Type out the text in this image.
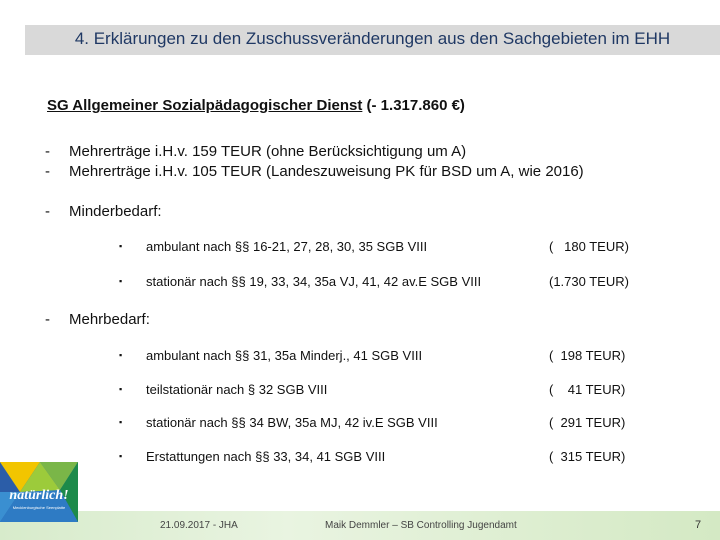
4. Erklärungen zu den Zuschussveränderungen aus den Sachgebieten im EHH
SG Allgemeiner Sozialpädagogischer Dienst (- 1.317.860 €)
- Mehrerträge i.H.v. 159 TEUR (ohne Berücksichtigung um A)
- Mehrerträge i.H.v. 105 TEUR (Landeszuweisung PK für BSD um A, wie 2016)
- Minderbedarf:
▪ ambulant nach §§ 16-21, 27, 28, 30, 35 SGB VIII	(   180 TEUR)
▪ stationär nach §§ 19, 33, 34, 35a VJ, 41, 42 av.E SGB VIII	(1.730 TEUR)
- Mehrbedarf:
▪ ambulant nach §§ 31, 35a Minderj., 41 SGB VIII	(  198 TEUR)
▪ teilstationär nach § 32 SGB VIII	(    41 TEUR)
▪ stationär nach §§ 34 BW, 35a MJ, 42 iv.E SGB VIII	(  291 TEUR)
▪ Erstattungen nach §§ 33, 34, 41 SGB VIII	(  315 TEUR)
21.09.2017 - JHA	Maik Demmler – SB Controlling Jugendamt	7
natürlich!
Mecklenburgische Seenplatte
